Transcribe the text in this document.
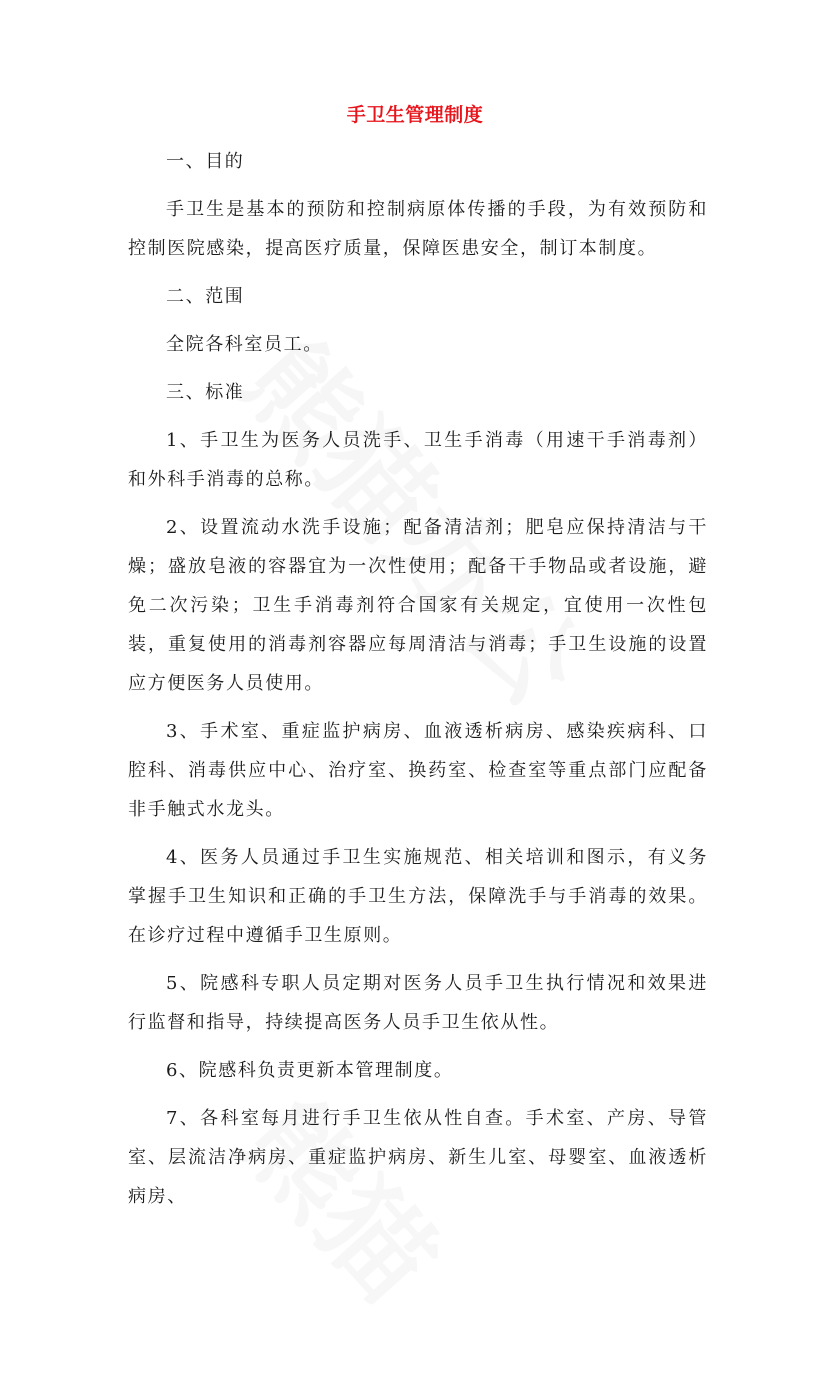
手卫生管理制度

一、目的

手卫生是基本的预防和控制病原体传播的手段，为有效预防和控制医院感染，提高医疗质量，保障医患安全，制订本制度。

二、范围

全院各科室员工。

三、标准

1、手卫生为医务人员洗手、卫生手消毒（用速干手消毒剂）和外科手消毒的总称。

2、设置流动水洗手设施；配备清洁剂；肥皂应保持清洁与干燥；盛放皂液的容器宜为一次性使用；配备干手物品或者设施，避免二次污染；卫生手消毒剂符合国家有关规定，宜使用一次性包装，重复使用的消毒剂容器应每周清洁与消毒；手卫生设施的设置应方便医务人员使用。

3、手术室、重症监护病房、血液透析病房、感染疾病科、口腔科、消毒供应中心、治疗室、换药室、检查室等重点部门应配备非手触式水龙头。

4、医务人员通过手卫生实施规范、相关培训和图示，有义务掌握手卫生知识和正确的手卫生方法，保障洗手与手消毒的效果。在诊疗过程中遵循手卫生原则。

5、院感科专职人员定期对医务人员手卫生执行情况和效果进行监督和指导，持续提高医务人员手卫生依从性。

6、院感科负责更新本管理制度。

7、各科室每月进行手卫生依从性自查。手术室、产房、导管室、层流洁净病房、重症监护病房、新生儿室、母婴室、血液透析病房、
